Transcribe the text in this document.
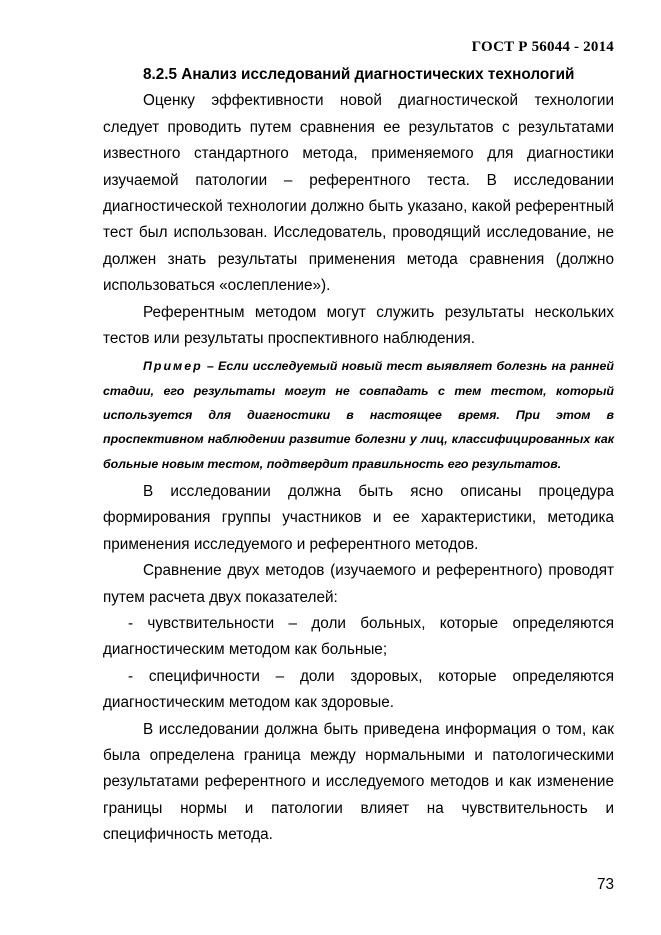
ГОСТ Р 56044 - 2014

8.2.5 Анализ исследований диагностических технологий

Оценку эффективности новой диагностической технологии следует проводить путем сравнения ее результатов с результатами известного стандартного метода, применяемого для диагностики изучаемой патологии – референтного теста. В исследовании диагностической технологии должно быть указано, какой референтный тест был использован. Исследователь, проводящий исследование, не должен знать результаты применения метода сравнения (должно использоваться «ослепление»).

Референтным методом могут служить результаты нескольких тестов или результаты проспективного наблюдения.

Пример – Если исследуемый новый тест выявляет болезнь на ранней стадии, его результаты могут не совпадать с тем тестом, который используется для диагностики в настоящее время. При этом в проспективном наблюдении развитие болезни у лиц, классифицированных как больные новым тестом, подтвердит правильность его результатов.

В исследовании должна быть ясно описаны процедура формирования группы участников и ее характеристики, методика применения исследуемого и референтного методов.

Сравнение двух методов (изучаемого и референтного) проводят путем расчета двух показателей:

- чувствительности – доли больных, которые определяются диагностическим методом как больные;

- специфичности – доли здоровых, которые определяются диагностическим методом как здоровые.

В исследовании должна быть приведена информация о том, как была определена граница между нормальными и патологическими результатами референтного и исследуемого методов и как изменение границы нормы и патологии влияет на чувствительность и специфичность метода.

73
